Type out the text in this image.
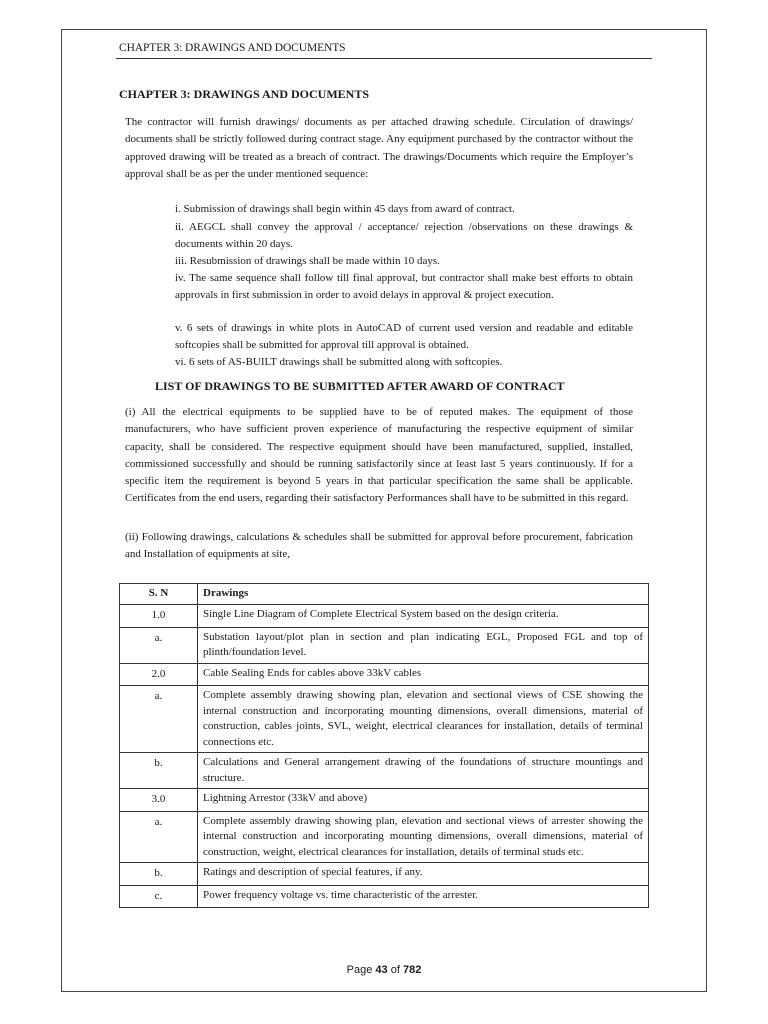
CHAPTER 3: DRAWINGS AND DOCUMENTS
CHAPTER 3: DRAWINGS AND DOCUMENTS
The contractor will furnish drawings/ documents as per attached drawing schedule. Circulation of drawings/ documents shall be strictly followed during contract stage. Any equipment purchased by the contractor without the approved drawing will be treated as a breach of contract. The drawings/Documents which require the Employer’s approval shall be as per the under mentioned sequence:
i. Submission of drawings shall begin within 45 days from award of contract.
ii. AEGCL shall convey the approval / acceptance/ rejection /observations on these drawings & documents within 20 days.
iii. Resubmission of drawings shall be made within 10 days.
iv. The same sequence shall follow till final approval, but contractor shall make best efforts to obtain approvals in first submission in order to avoid delays in approval & project execution.
v. 6 sets of drawings in white plots in AutoCAD of current used version and readable and editable softcopies shall be submitted for approval till approval is obtained.
vi. 6 sets of AS-BUILT drawings shall be submitted along with softcopies.
LIST OF DRAWINGS TO BE SUBMITTED AFTER AWARD OF CONTRACT
(i) All the electrical equipments to be supplied have to be of reputed makes. The equipment of those manufacturers, who have sufficient proven experience of manufacturing the respective equipment of similar capacity, shall be considered. The respective equipment should have been manufactured, supplied, installed, commissioned successfully and should be running satisfactorily since at least last 5 years continuously. If for a specific item the requirement is beyond 5 years in that particular specification the same shall be applicable. Certificates from the end users, regarding their satisfactory Performances shall have to be submitted in this regard.
(ii) Following drawings, calculations & schedules shall be submitted for approval before procurement, fabrication and Installation of equipments at site,
S. N	Drawings
1.0	Single Line Diagram of Complete Electrical System based on the design criteria.
a.	Substation layout/plot plan in section and plan indicating EGL, Proposed FGL and top of plinth/foundation level.
2.0	Cable Sealing Ends for cables above 33kV cables
a.	Complete assembly drawing showing plan, elevation and sectional views of CSE showing the internal construction and incorporating mounting dimensions, overall dimensions, material of construction, cables joints, SVL, weight, electrical clearances for installation, details of terminal connections etc.
b.	Calculations and General arrangement drawing of the foundations of structure mountings and structure.
3.0	Lightning Arrestor (33kV and above)
a.	Complete assembly drawing showing plan, elevation and sectional views of arrester showing the internal construction and incorporating mounting dimensions, overall dimensions, material of construction, weight, electrical clearances for installation, details of terminal studs etc.
b.	Ratings and description of special features, if any.
c.	Power frequency voltage vs. time characteristic of the arrester.
Page 43 of 782
